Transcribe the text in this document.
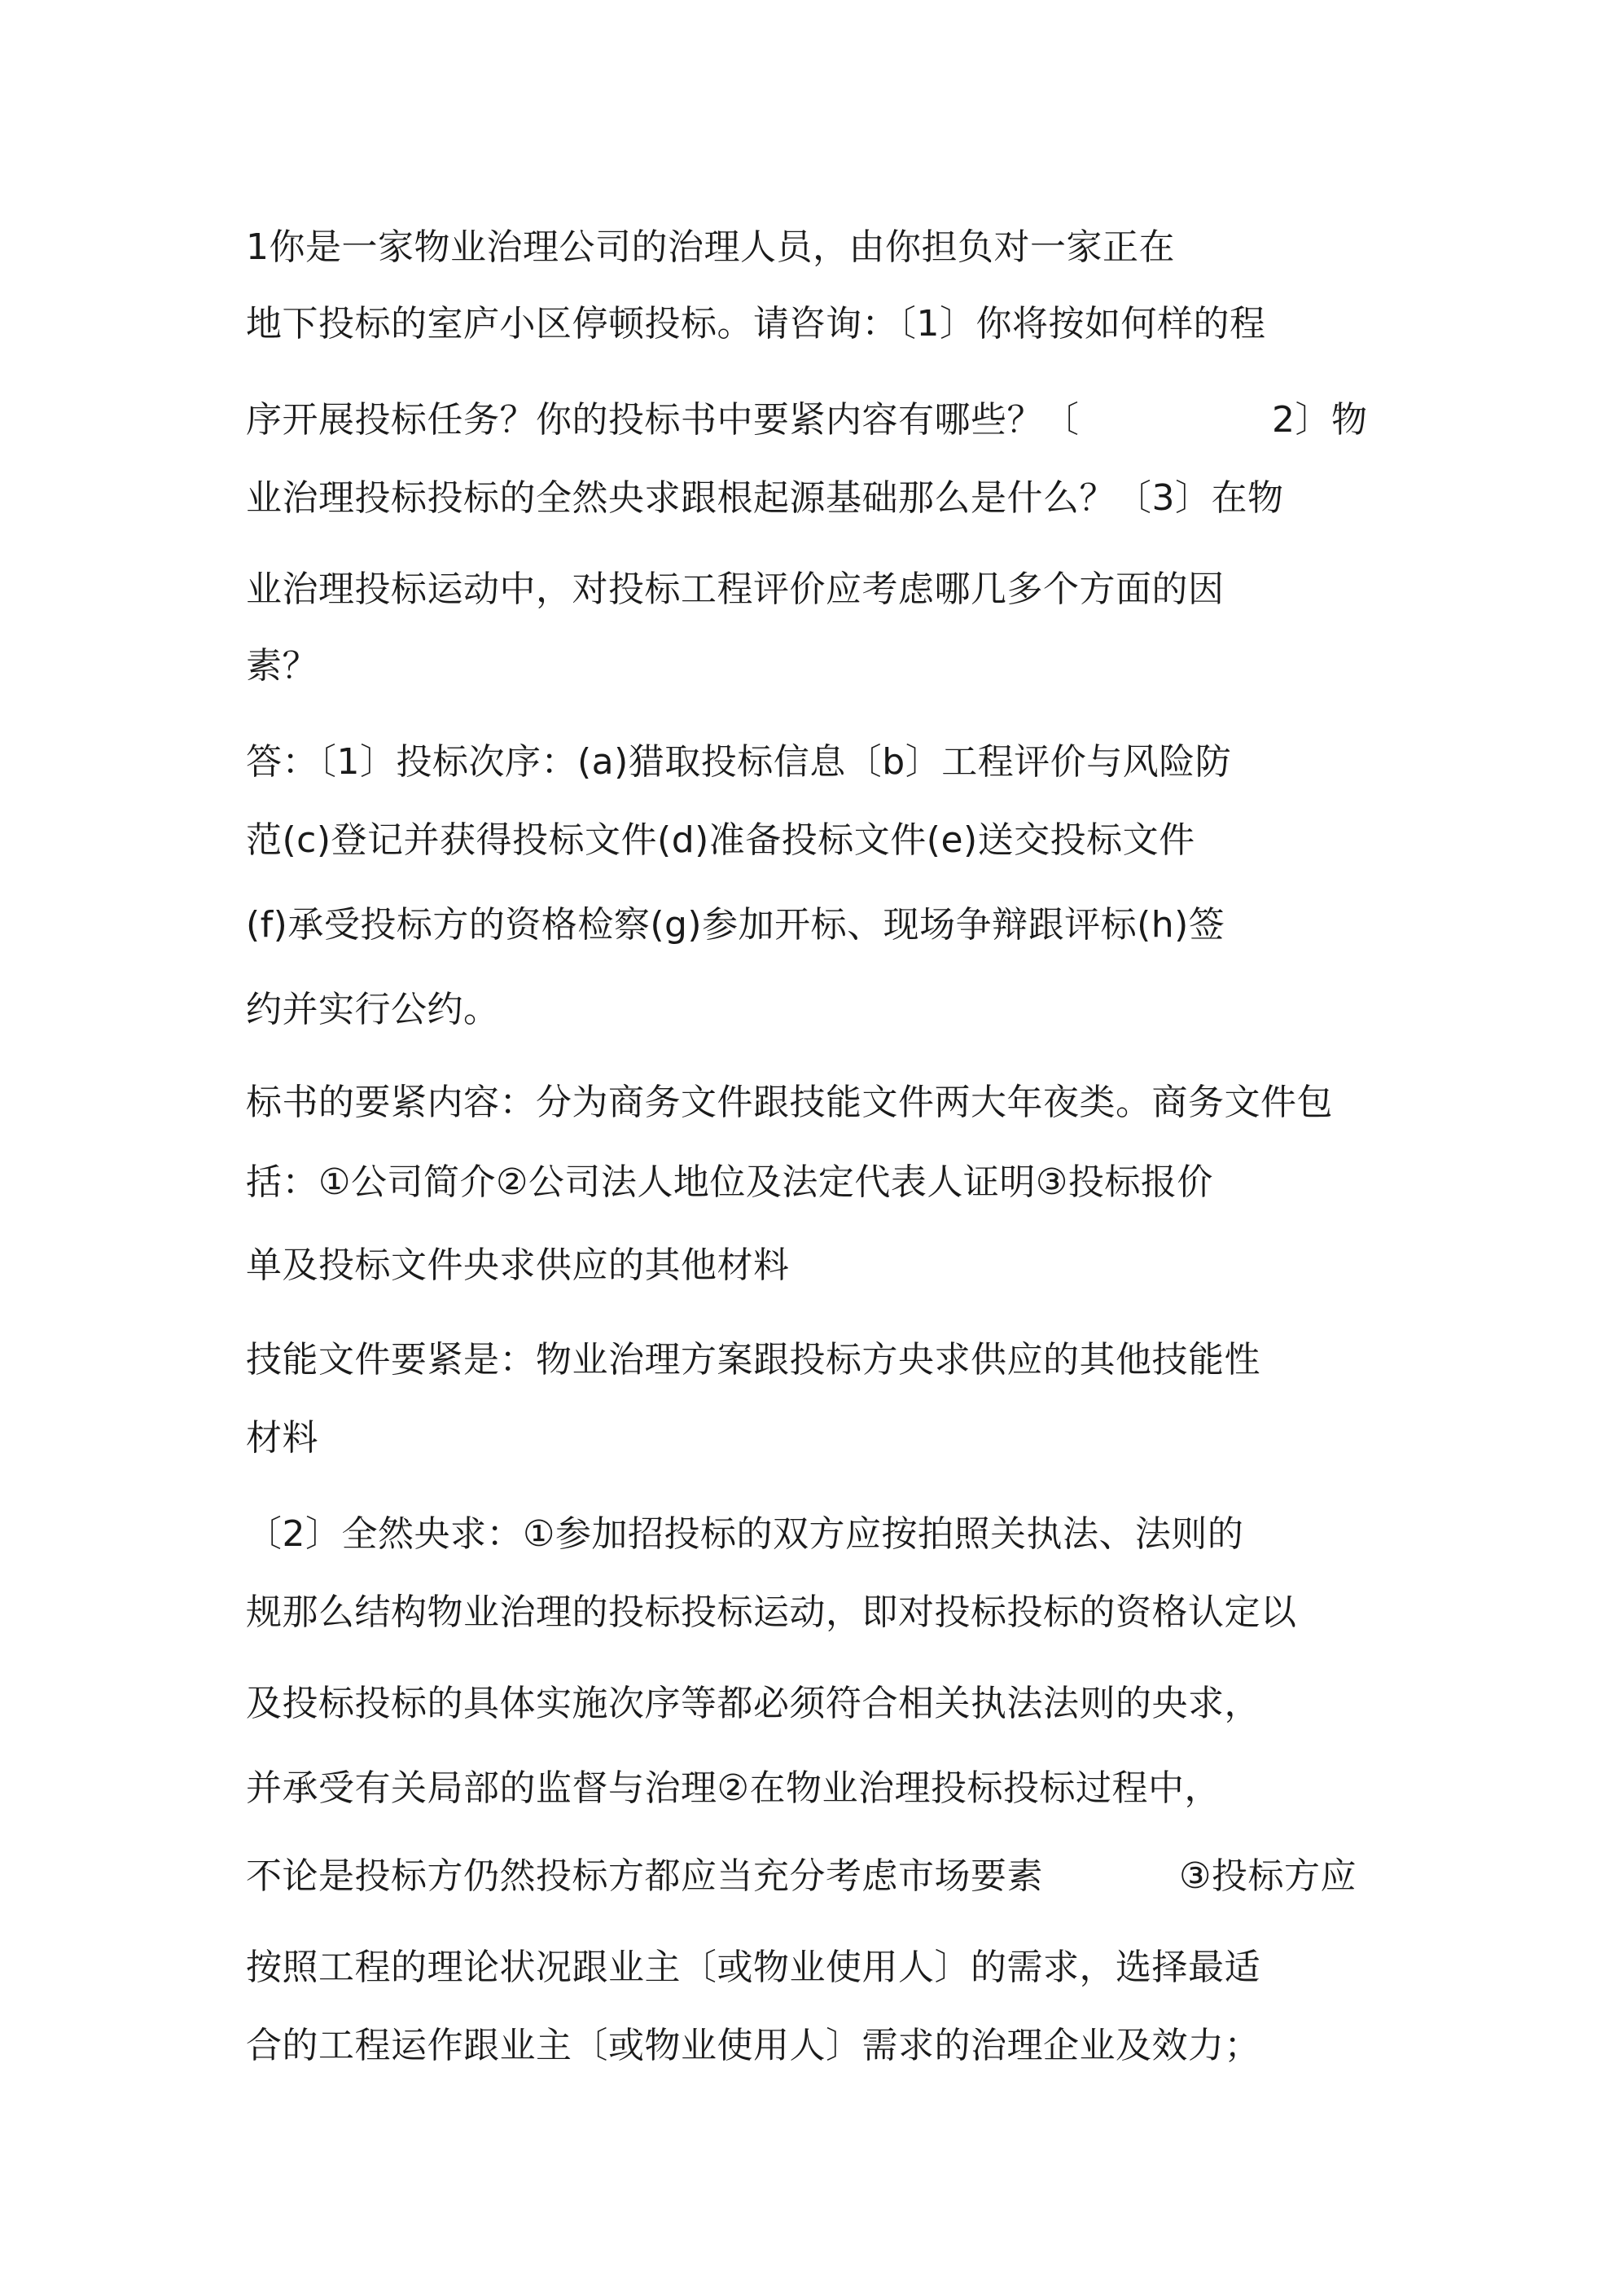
1你是一家物业治理公司的治理人员，由你担负对一家正在
地下投标的室庐小区停顿投标。请咨询：〔1〕你将按如何样的程
序开展投标任务？你的投标书中要紧内容有哪些？〔	2〕物
业治理投标投标的全然央求跟根起源基础那么是什么？〔3〕在物
业治理投标运动中，对投标工程评价应考虑哪几多个方面的因
素？
答：〔1〕投标次序：(a)猎取投标信息〔b〕工程评价与风险防
范(c)登记并获得投标文件(d)准备投标文件(e)送交投标文件
(f)承受投标方的资格检察(g)参加开标、现场争辩跟评标(h)签
约并实行公约。
标书的要紧内容：分为商务文件跟技能文件两大年夜类。商务文件包
括：①公司简介②公司法人地位及法定代表人证明③投标报价
单及投标文件央求供应的其他材料
技能文件要紧是：物业治理方案跟投标方央求供应的其他技能性
材料
〔2〕全然央求：①参加招投标的双方应按拍照关执法、法则的
规那么结构物业治理的投标投标运动，即对投标投标的资格认定以
及投标投标的具体实施次序等都必须符合相关执法法则的央求，
并承受有关局部的监督与治理②在物业治理投标投标过程中，
不论是投标方仍然投标方都应当充分考虑市场要素	③投标方应
按照工程的理论状况跟业主〔或物业使用人〕的需求，选择最适
合的工程运作跟业主〔或物业使用人〕需求的治理企业及效力；
